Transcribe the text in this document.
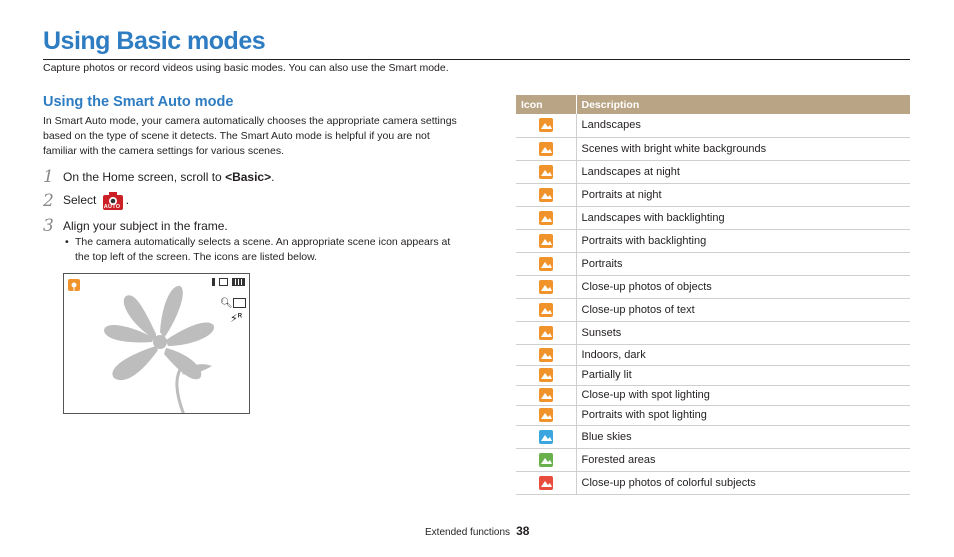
Using Basic modes
Capture photos or record videos using basic modes. You can also use the Smart mode.
Using the Smart Auto mode
In Smart Auto mode, your camera automatically chooses the appropriate camera settings based on the type of scene it detects. The Smart Auto mode is helpful if you are not familiar with the camera settings for various scenes.
1 On the Home screen, scroll to <Basic>.
2 Select AUTO .
3 Align your subject in the frame.
• The camera automatically selects a scene. An appropriate scene icon appears at the top left of the screen. The icons are listed below.
🔍︎
⚡︎$^R$
Icon	Description

	Landscapes

	Scenes with bright white backgrounds

	Landscapes at night

	Portraits at night

	Landscapes with backlighting

	Portraits with backlighting

	Portraits

	Close-up photos of objects

	Close-up photos of text

	Sunsets

	Indoors, dark

	Partially lit

	Close-up with spot lighting

	Portraits with spot lighting

	Blue skies

	Forested areas

	Close-up photos of colorful subjects
Extended functions 38
